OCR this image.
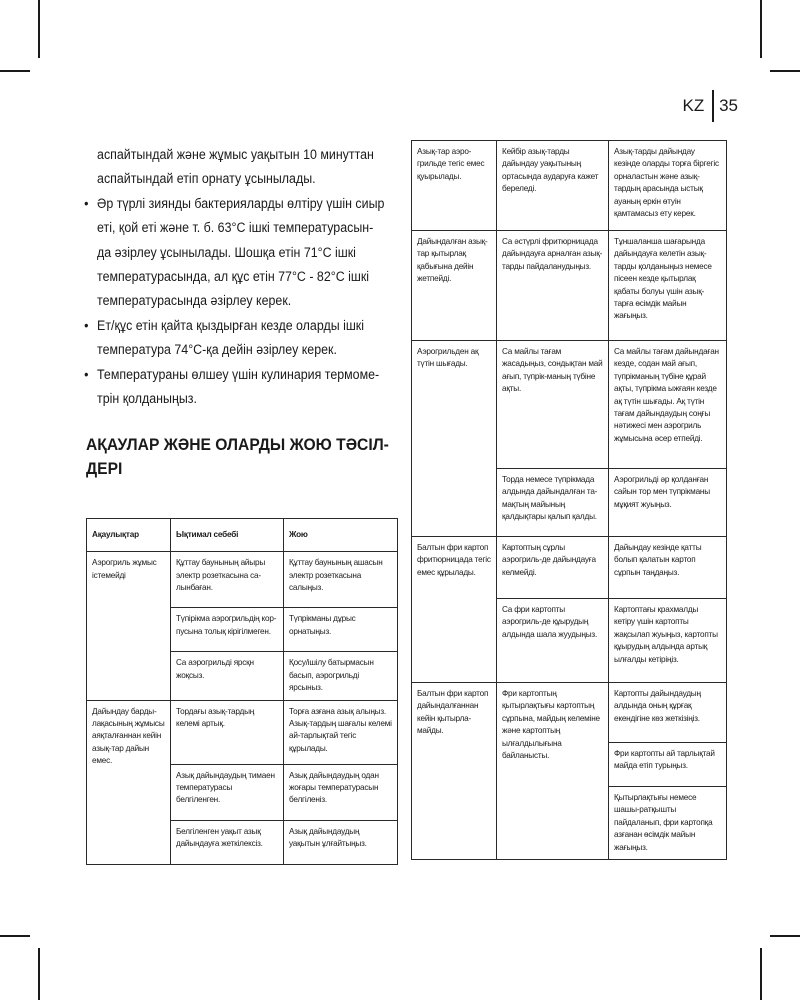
KZ 35
аспайтындай және жұмыс уақытын 10 минуттан аспайтындай етіп орнату ұсынылады.
• Әр түрлі зиянды бактерияларды өлтіру үшін сиыр еті, қой еті және т. б. 63°C ішкі температурасын-да әзірлеу ұсынылады. Шошқа етін 71°C ішкі температурасында, ал құс етін 77°C - 82°C ішкі температурасында әзірлеу керек.
• Ет/құс етін қайта қыздырған кезде оларды ішкі температура 74°C-қа дейін әзірлеу керек.
• Температураны өлшеу үшін кулинария термоме-трін қолданыңыз.
АҚАУЛАР ЖӘНЕ ОЛАРДЫ ЖОЮ ТӘСІЛ-ДЕРІ
Ақаулықтар	Ықтимал себебі	Жою
Аэрогриль жұмыс істемейді	Құттау баунының айыры электр розеткасына са-лынбаған.	Құттау баунының ашасын электр розеткасына салыңыз.
	Түпірікма аэрогрильдің кор-пусына толық кірігілмеген.	Түпрікманы дұрыс орнатыңыз.
	Са аэрогрильді ярсқн жоқсыз.	Қосу/ішілу батырмасын басып, аэрогрильді ярсыныз.
Дайындау барды-лақасының жұмысы аяқталғаннан кейін азық-тар дайын емес.	Тордағы азық-тардың келемі артық.	Торға азғана азық алыңыз. Азық-тардың шағалы келемі ай-тарлықтай тегіс құрылады.
	Азық дайындаудың тимаен температурасы белгіленген.	Азық дайындаудың одан жоғары температурасын белгіленіз.
	Белгіленген уақыт азық дайындауға жеткілексіз.	Азық дайындаудың уақытын ұлғайтыңыз.
Азық-тар аэро-грильде тегіс емес қуырылады.	Кейбір азық-тарды дайындау уақытының ортасында аударуға кажет береледі.	Азық-тарды дайындау кезінде оларды торға біргегіс орналастын және азық-тардың арасында ыстық ауаның еркін өтуін қамтамасыз ету керек.
Дайындалған азық-тар қытырлақ қабығына дейін жетпейді.	Са әстүрлі фритюрницада дайындауға арналған азық-тарды пайдаланудыңыз.	Тұншаланша шағарында дайындауға келетін азық-тарды қолданыңыз немесе пісеен кезде қытырлақ қабаты болуы үшін азық-тарға өсімдік майын жағыңыз.
Аэрогрильден ақ түтін шығады.	Са майлы тағам жасадыңыз, сондықтан май ағып, түпрік-маның түбіне ақты.	Са майлы тағам дайындаған кезде, содан май ағып, түпрікманың түбіне құрай ақты, түпрікма ыжғаян кезде ақ түтін шығады. Ақ түтін тағам дайындаудың соңғы нәтижесі мен аэрогриль жұмысына әсер етпейді.
	Торда немесе түпрікмада алдында дайындалған та-мақтың майының қалдықтары қалып қалды.	Аэрогрильді әр қолданған сайын тор мен түпрікманы мұқият жуыңыз.
Балтын фри картоп фритюрницада тегіс емес құрылады.	Картоптың сұрлы аэрогриль-де дайындауға келмейді.	Дайындау кезінде қатты болып қалатын картоп сұрпын таңдаңыз.
	Са фри картопты аэрогриль-де құырудың алдында шала жуудыңыз.	Картоптағы крахмалды кетіру үшін картопты жақсылап жуыңыз, картопты құырудың алдында артық ылғалды кетіріңіз.
Балтын фри картоп дайындалғаннан кейін қытырла-майды.	Фри картоптың қытырлақтығы картоптың сұрпына, майдың келеміне және картоптың ылғалдылығына байланысты.	Картопты дайындаудың алдында оның құрғақ екендігіне көз жеткізіңіз.
		Фри картопты ай тарлықтай майда етіп турыңыз.
		Қытырлақтығы немесе шашы-ратқышты пайдаланып, фри картопқа азғанан өсімдік майын жағыңыз.
